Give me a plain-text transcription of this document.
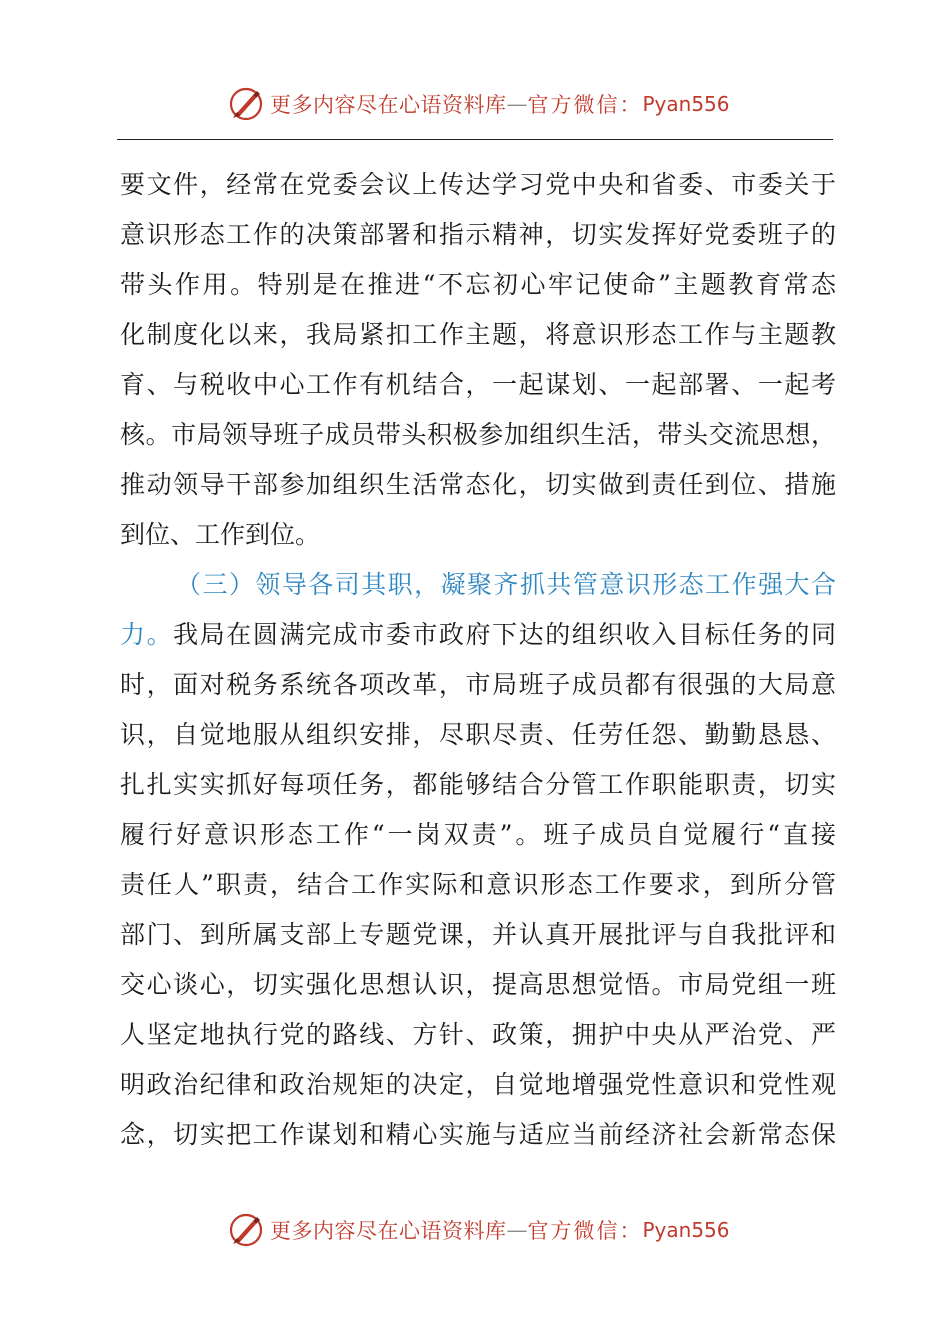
更多内容尽在心语资料库 — 官方微信： Pyan556
要文件，经常在党委会议上传达学习党中央和省委、市委关于
意识形态工作的决策部署和指示精神，切实发挥好党委班子的
带头作用。特别是在推进“不忘初心牢记使命”主题教育常态
化制度化以来，我局紧扣工作主题，将意识形态工作与主题教
育、与税收中心工作有机结合，一起谋划、一起部署、一起考
核。市局领导班子成员带头积极参加组织生活，带头交流思想，
推动领导干部参加组织生活常态化，切实做到责任到位、措施
到位、工作到位。
（三）领导各司其职，凝聚齐抓共管意识形态工作强大合
力。我局在圆满完成市委市政府下达的组织收入目标任务的同
时，面对税务系统各项改革，市局班子成员都有很强的大局意
识，自觉地服从组织安排，尽职尽责、任劳任怨、勤勤恳恳、
扎扎实实抓好每项任务，都能够结合分管工作职能职责，切实
履行好意识形态工作“一岗双责”。班子成员自觉履行“直接
责任人”职责，结合工作实际和意识形态工作要求，到所分管
部门、到所属支部上专题党课，并认真开展批评与自我批评和
交心谈心，切实强化思想认识，提高思想觉悟。市局党组一班
人坚定地执行党的路线、方针、政策，拥护中央从严治党、严
明政治纪律和政治规矩的决定，自觉地增强党性意识和党性观
念，切实把工作谋划和精心实施与适应当前经济社会新常态保
更多内容尽在心语资料库 — 官方微信： Pyan556
